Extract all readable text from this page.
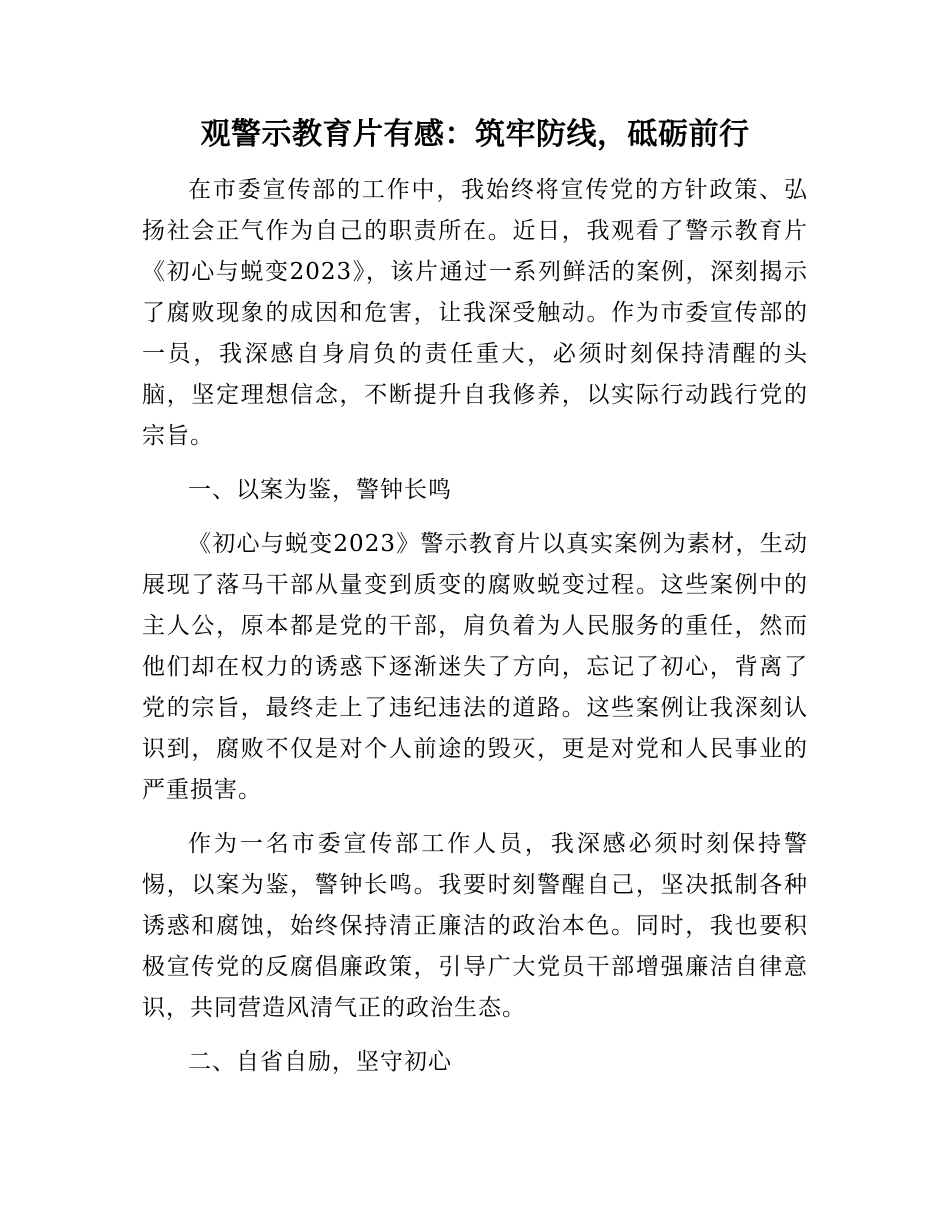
观警示教育片有感：筑牢防线，砥砺前行

在市委宣传部的工作中，我始终将宣传党的方针政策、弘扬社会正气作为自己的职责所在。近日，我观看了警示教育片《初心与蜕变2023》，该片通过一系列鲜活的案例，深刻揭示了腐败现象的成因和危害，让我深受触动。作为市委宣传部的一员，我深感自身肩负的责任重大，必须时刻保持清醒的头脑，坚定理想信念，不断提升自我修养，以实际行动践行党的宗旨。

一、以案为鉴，警钟长鸣

《初心与蜕变2023》警示教育片以真实案例为素材，生动展现了落马干部从量变到质变的腐败蜕变过程。这些案例中的主人公，原本都是党的干部，肩负着为人民服务的重任，然而他们却在权力的诱惑下逐渐迷失了方向，忘记了初心，背离了党的宗旨，最终走上了违纪违法的道路。这些案例让我深刻认识到，腐败不仅是对个人前途的毁灭，更是对党和人民事业的严重损害。

作为一名市委宣传部工作人员，我深感必须时刻保持警惕，以案为鉴，警钟长鸣。我要时刻警醒自己，坚决抵制各种诱惑和腐蚀，始终保持清正廉洁的政治本色。同时，我也要积极宣传党的反腐倡廉政策，引导广大党员干部增强廉洁自律意识，共同营造风清气正的政治生态。

二、自省自励，坚守初心
